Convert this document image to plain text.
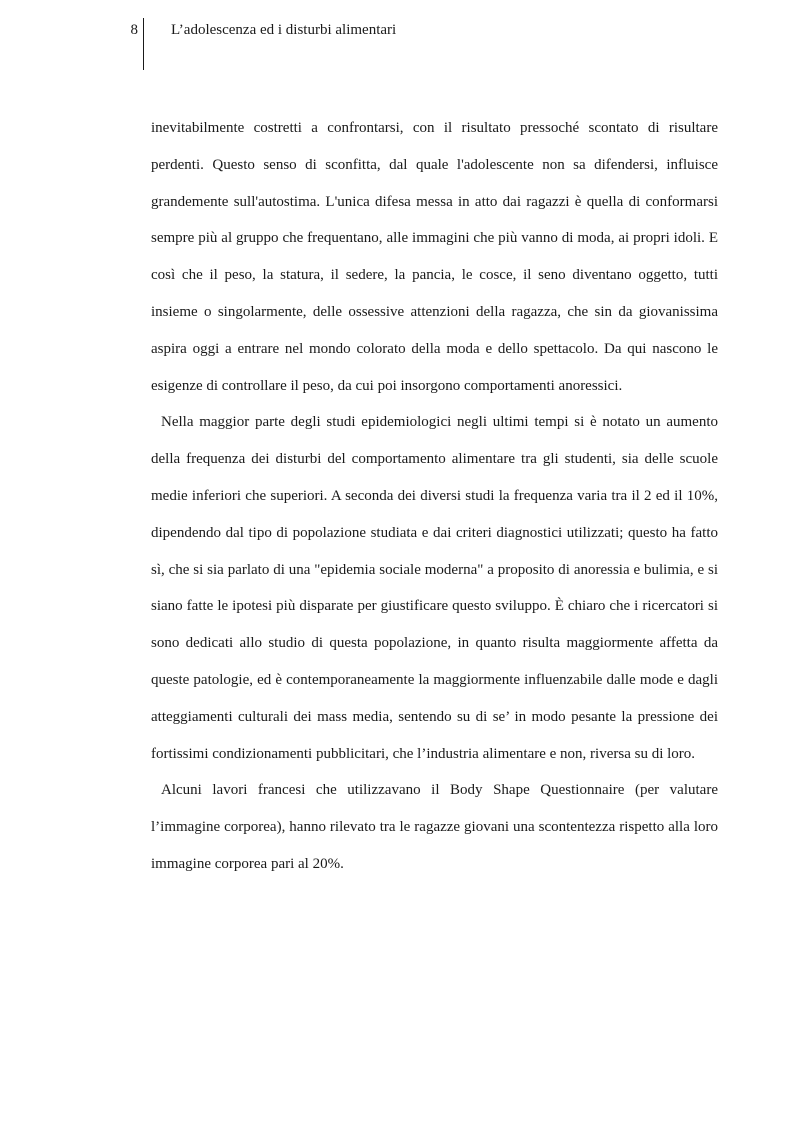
8 L’adolescenza ed i disturbi alimentari

inevitabilmente costretti a confrontarsi, con il risultato pressoché scontato di risultare perdenti. Questo senso di sconfitta, dal quale l'adolescente non sa difendersi, influisce grandemente sull'autostima. L'unica difesa messa in atto dai ragazzi è quella di conformarsi sempre più al gruppo che frequentano, alle immagini che più vanno di moda, ai propri idoli. E così che il peso, la statura, il sedere, la pancia, le cosce, il seno diventano oggetto, tutti insieme o singolarmente, delle ossessive attenzioni della ragazza, che sin da giovanissima aspira oggi a entrare nel mondo colorato della moda e dello spettacolo. Da qui nascono le esigenze di controllare il peso, da cui poi insorgono comportamenti anoressici.

Nella maggior parte degli studi epidemiologici negli ultimi tempi si è notato un aumento della frequenza dei disturbi del comportamento alimentare tra gli studenti, sia delle scuole medie inferiori che superiori. A seconda dei diversi studi la frequenza varia tra il 2 ed il 10%, dipendendo dal tipo di popolazione studiata e dai criteri diagnostici utilizzati; questo ha fatto sì, che si sia parlato di una "epidemia sociale moderna" a proposito di anoressia e bulimia, e si siano fatte le ipotesi più disparate per giustificare questo sviluppo. È chiaro che i ricercatori si sono dedicati allo studio di questa popolazione, in quanto risulta maggiormente affetta da queste patologie, ed è contemporaneamente la maggiormente influenzabile dalle mode e dagli atteggiamenti culturali dei mass media, sentendo su di se’ in modo pesante la pressione dei fortissimi condizionamenti pubblicitari, che l’industria alimentare e non, riversa su di loro.

Alcuni lavori francesi che utilizzavano il Body Shape Questionnaire (per valutare l’immagine corporea), hanno rilevato tra le ragazze giovani una scontentezza rispetto alla loro immagine corporea pari al 20%.
